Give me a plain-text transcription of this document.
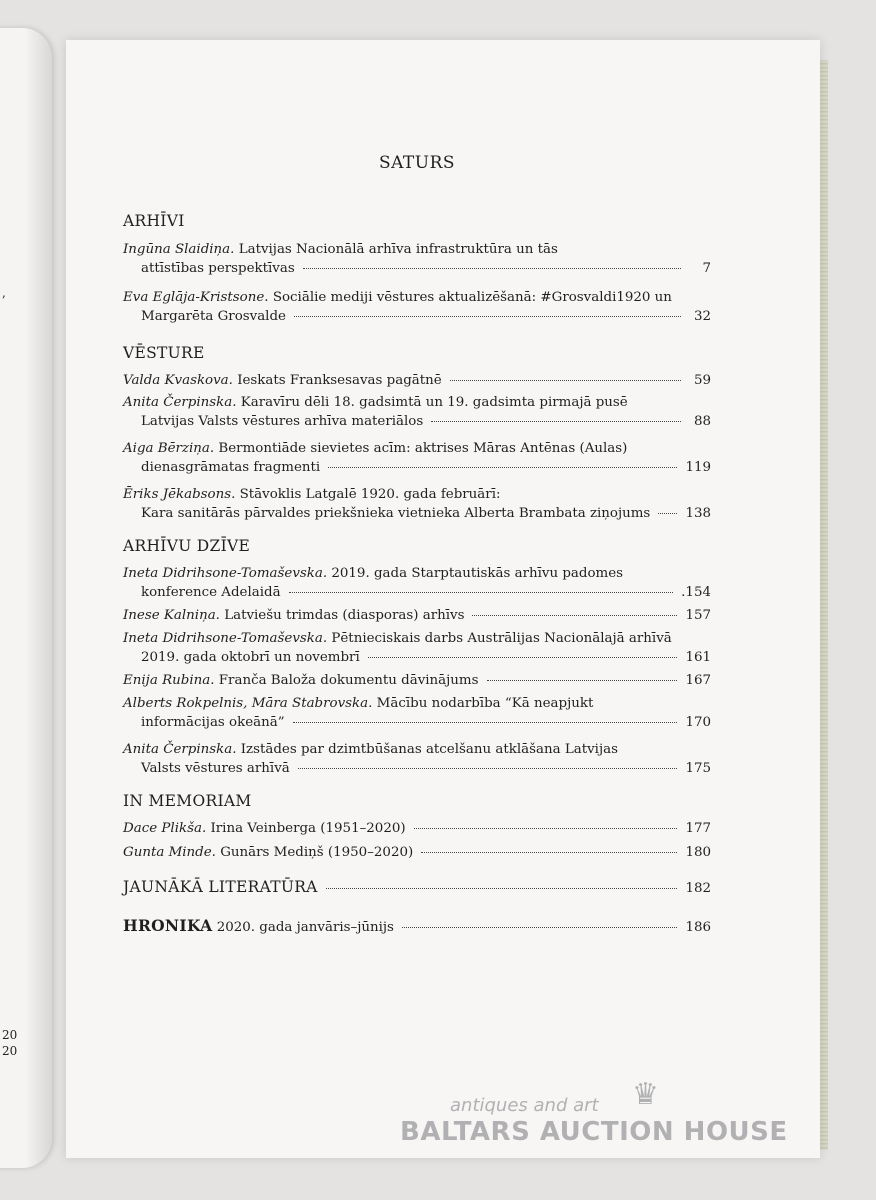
,
20
20
SATURS
ARHĪVI
Ingūna Slaidiņa. Latvijas Nacionālā arhīva infrastruktūra un tās
attīstības perspektīvas	7
Eva Eglāja-Kristsone. Sociālie mediji vēstures aktualizēšanā: #Grosvaldi1920 un
Margarēta Grosvalde	32
VĒSTURE
Valda Kvaskova.
Ieskats Franksesavas pagātnē	59
Anita Čerpinska. Karavīru dēli 18. gadsimtā un 19. gadsimta pirmajā pusē
Latvijas Valsts vēstures arhīva materiālos	88
Aiga Bērziņa. Bermontiāde sievietes acīm: aktrises Māras Antēnas (Aulas)
dienasgrāmatas fragmenti	119
Ēriks Jēkabsons. Stāvoklis Latgalē 1920. gada februārī:
Kara sanitārās pārvaldes priekšnieka vietnieka Alberta Brambata ziņojums	138
ARHĪVU DZĪVE
Ineta Didrihsone-Tomaševska. 2019. gada Starptautiskās arhīvu padomes
konference Adelaidā	.154
Inese Kalniņa.
Latviešu trimdas (diasporas) arhīvs	157
Ineta Didrihsone-Tomaševska. Pētnieciskais darbs Austrālijas Nacionālajā arhīvā
2019. gada oktobrī un novembrī	161
Enija Rubina.
Franča Baloža dokumentu dāvinājums	167
Alberts Rokpelnis, Māra Stabrovska. Mācību nodarbība “Kā neapjukt
informācijas okeānā”	170
Anita Čerpinska. Izstādes par dzimtbūšanas atcelšanu atklāšana Latvijas
Valsts vēstures arhīvā	175
IN MEMORIAM
Dace Plikša.
Irina Veinberga (1951–2020)	177
Gunta Minde.
Gunārs Mediņš (1950–2020)	180
JAUNĀKĀ LITERATŪRA	182
HRONIKA
2020. gada janvāris–jūnijs	186
♛
antiques and art
BALTARS AUCTION HOUSE
